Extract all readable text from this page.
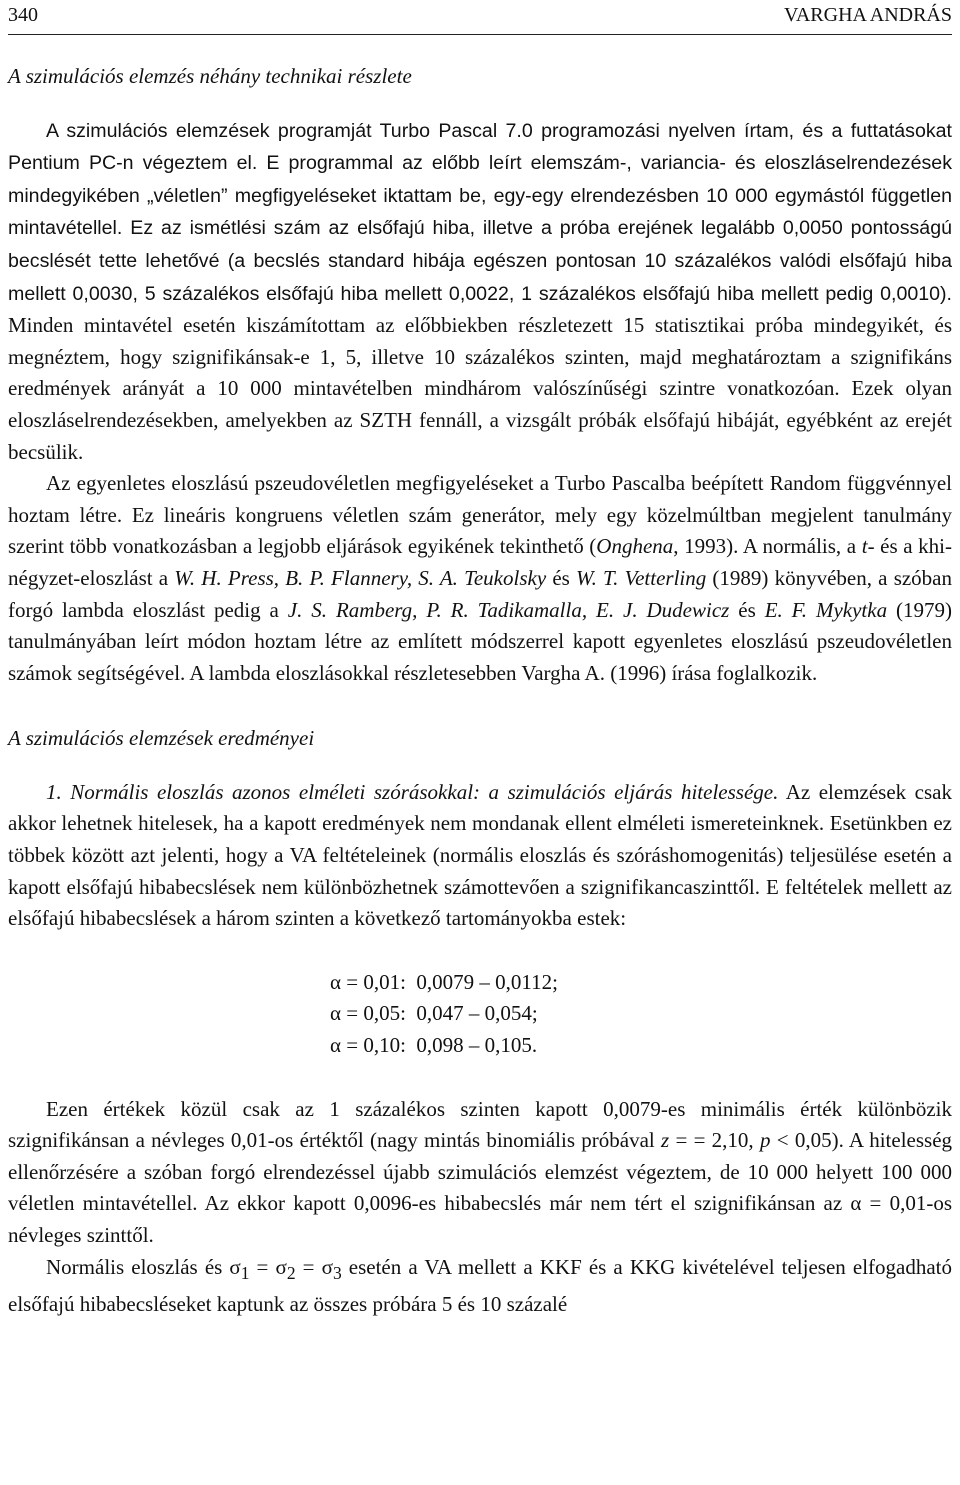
340	VARGHA ANDRÁS
A szimulációs elemzés néhány technikai részlete

A szimulációs elemzések programját Turbo Pascal 7.0 programozási nyelven írtam, és a futtatásokat Pentium PC-n végeztem el. E programmal az előbb leírt elemszám-, variancia- és eloszláselrendezések mindegyikében „véletlen” megfigyeléseket iktattam be, egy-egy elrendezésben 10 000 egymástól független mintavétellel. Ez az ismétlési szám az elsőfajú hiba, illetve a próba erejének legalább 0,0050 pontosságú becslését tette lehetővé (a becslés standard hibája egészen pontosan 10 százalékos valódi elsőfajú hiba mellett 0,0030, 5 százalékos elsőfajú hiba mellett 0,0022, 1 százalékos elsőfajú hiba mellett pedig 0,0010). Minden mintavétel esetén kiszámítottam az előbbiekben részletezett 15 statisztikai próba mindegyikét, és megnéztem, hogy szignifikánsak-e 1, 5, illetve 10 százalékos szinten, majd meghatároztam a szignifikáns eredmények arányát a 10 000 mintavételben mindhárom valószínűségi szintre vonatkozóan. Ezek olyan eloszláselrendezésekben, amelyekben az SZTH fennáll, a vizsgált próbák elsőfajú hibáját, egyébként az erejét becsülik.

Az egyenletes eloszlású pszeudovéletlen megfigyeléseket a Turbo Pascalba beépített Random függvénnyel hoztam létre. Ez lineáris kongruens véletlen szám generátor, mely egy közelmúltban megjelent tanulmány szerint több vonatkozásban a legjobb eljárások egyikének tekinthető (Onghena, 1993). A normális, a t- és a khi-négyzet-eloszlást a W. H. Press, B. P. Flannery, S. A. Teukolsky és W. T. Vetterling (1989) könyvében, a szóban forgó lambda eloszlást pedig a J. S. Ramberg, P. R. Tadikamalla, E. J. Dudewicz és E. F. Mykytka (1979) tanulmányában leírt módon hoztam létre az említett módszerrel kapott egyenletes eloszlású pszeudovéletlen számok segítségével. A lambda eloszlásokkal részletesebben Vargha A. (1996) írása foglalkozik.

A szimulációs elemzések eredményei

1. Normális eloszlás azonos elméleti szórásokkal: a szimulációs eljárás hitelessége. Az elemzések csak akkor lehetnek hitelesek, ha a kapott eredmények nem mondanak ellent elméleti ismereteinknek. Esetünkben ez többek között azt jelenti, hogy a VA feltételeinek (normális eloszlás és szóráshomogenitás) teljesülése esetén a kapott elsőfajú hibabecslések nem különbözhetnek számottevően a szignifikancaszinttől. E feltételek mellett az elsőfajú hibabecslések a három szinten a következő tartományokba estek:

α = 0,01:  0,0079 – 0,0112;
α = 0,05:  0,047 – 0,054;
α = 0,10:  0,098 – 0,105.

Ezen értékek közül csak az 1 százalékos szinten kapott 0,0079-es minimális érték különbözik szignifikánsan a névleges 0,01-os értéktől (nagy mintás binomiális próbával z = = 2,10, p < 0,05). A hitelesség ellenőrzésére a szóban forgó elrendezéssel újabb szimulációs elemzést végeztem, de 10 000 helyett 100 000 véletlen mintavétellel. Az ekkor kapott 0,0096-es hibabecslés már nem tért el szignifikánsan az α = 0,01-os névleges szinttől.

Normális eloszlás és $\sigma_1 = \sigma_2 = \sigma_3$ esetén a VA mellett a KKF és a KKG kivételével teljesen elfogadható elsőfajú hibabecsléseket kaptunk az összes próbára 5 és 10 százalé
